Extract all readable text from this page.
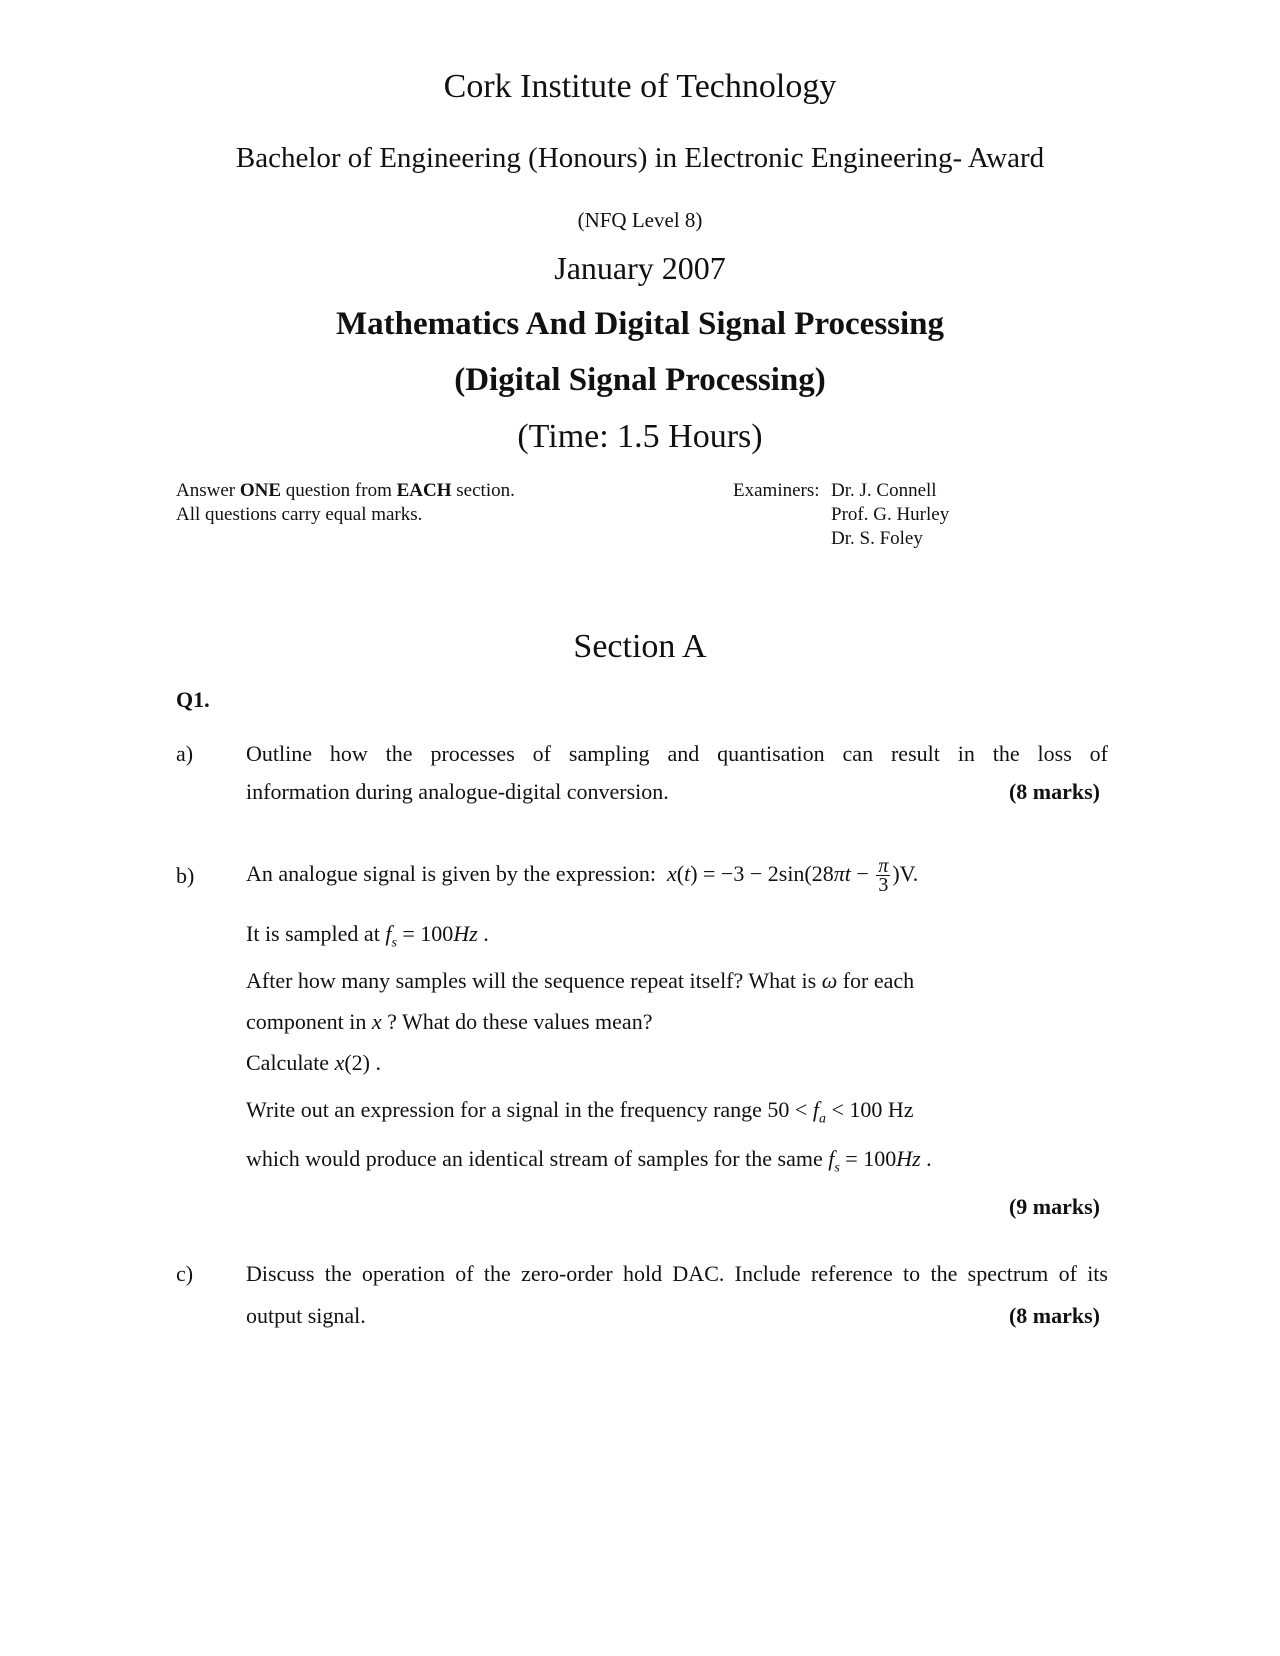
Cork Institute of Technology
Bachelor of Engineering (Honours) in Electronic Engineering- Award
(NFQ Level 8)
January 2007
Mathematics And Digital Signal Processing
(Digital Signal Processing)
(Time: 1.5 Hours)
Answer ONE question from EACH section.
All questions carry equal marks.
Examiners: Dr. J. Connell
Prof. G. Hurley
Dr. S. Foley
Section A
Q1.
a) Outline how the processes of sampling and quantisation can result in the loss of
information during analogue-digital conversion.	(8 marks)
b) An analogue signal is given by the expression: $x(t) = -3 - 2\sin(28\pi t - \frac{\pi}{3} )V$.
It is sampled at $f_s = 100Hz$ .
After how many samples will the sequence repeat itself? What is ω for each
component in x ? What do these values mean?
Calculate x(2) .
Write out an expression for a signal in the frequency range $50 < f_a < 100$ Hz
which would produce an identical stream of samples for the same $f_s = 100Hz$ .
(9 marks)
c) Discuss the operation of the zero-order hold DAC. Include reference to the spectrum of its
output signal.	(8 marks)
